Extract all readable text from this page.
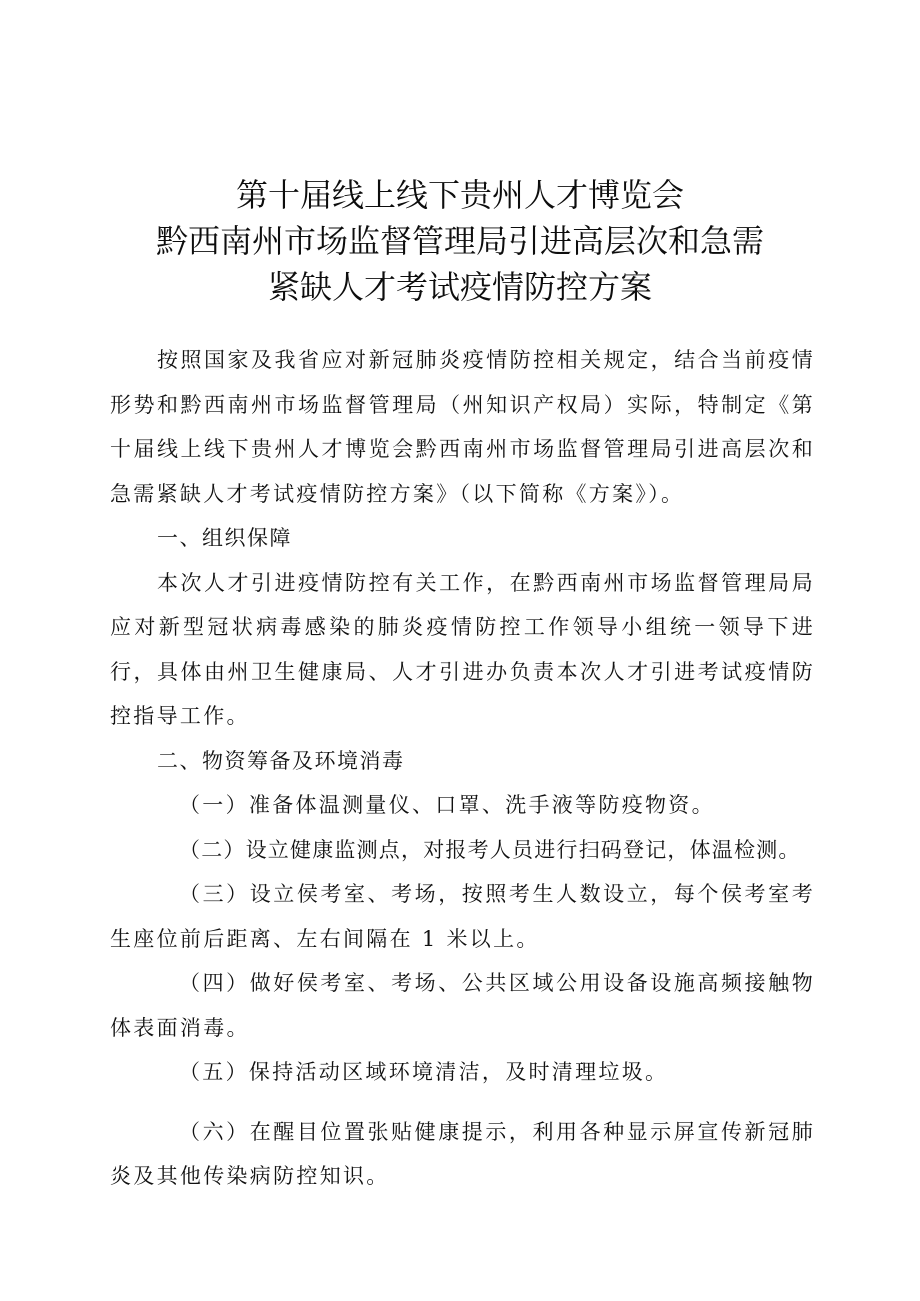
第十届线上线下贵州人才博览会
黔西南州市场监督管理局引进高层次和急需
紧缺人才考试疫情防控方案

按照国家及我省应对新冠肺炎疫情防控相关规定，结合当前疫情形势和黔西南州市场监督管理局（州知识产权局）实际，特制定《第十届线上线下贵州人才博览会黔西南州市场监督管理局引进高层次和急需紧缺人才考试疫情防控方案》（以下简称《方案》）。

一、组织保障

本次人才引进疫情防控有关工作，在黔西南州市场监督管理局局应对新型冠状病毒感染的肺炎疫情防控工作领导小组统一领导下进行，具体由州卫生健康局、人才引进办负责本次人才引进考试疫情防控指导工作。

二、物资筹备及环境消毒

（一）准备体温测量仪、口罩、洗手液等防疫物资。

（二）设立健康监测点，对报考人员进行扫码登记，体温检测。

（三）设立侯考室、考场，按照考生人数设立，每个侯考室考生座位前后距离、左右间隔在 1 米以上。

（四）做好侯考室、考场、公共区域公用设备设施高频接触物体表面消毒。

（五）保持活动区域环境清洁，及时清理垃圾。

（六）在醒目位置张贴健康提示，利用各种显示屏宣传新冠肺炎及其他传染病防控知识。
